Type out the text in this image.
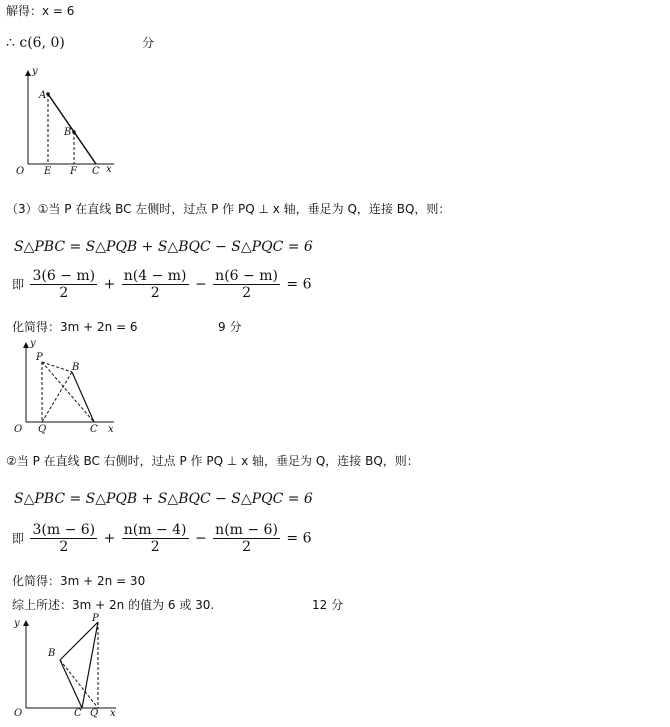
解得：x = 6
∴ c(6, 0)	分
y
A
B
O E F C x
（3）①当 P 在直线 BC 左侧时，过点 P 作 PQ ⊥ x 轴，垂足为 Q，连接 BQ，则：
S△PBC = S△PQB + S△BQC − S△PQC = 6
即 $\frac{3(6 - m)}{2} + \frac{n(4 - m)}{2} - \frac{n(6 - m)}{2} = 6$
化简得：3m + 2n = 6	9 分
y
P
B
O Q	C x
②当 P 在直线 BC 右侧时，过点 P 作 PQ ⊥ x 轴，垂足为 Q，连接 BQ，则：
S△PBC = S△PQB + S△BQC − S△PQC = 6
即 $\frac{3(m - 6)}{2} + \frac{n(m - 4)}{2} - \frac{n(m - 6)}{2} = 6$
化简得：3m + 2n = 30
综上所述：3m + 2n 的值为 6 或 30.	12 分
y	P
B
O	C Q x
